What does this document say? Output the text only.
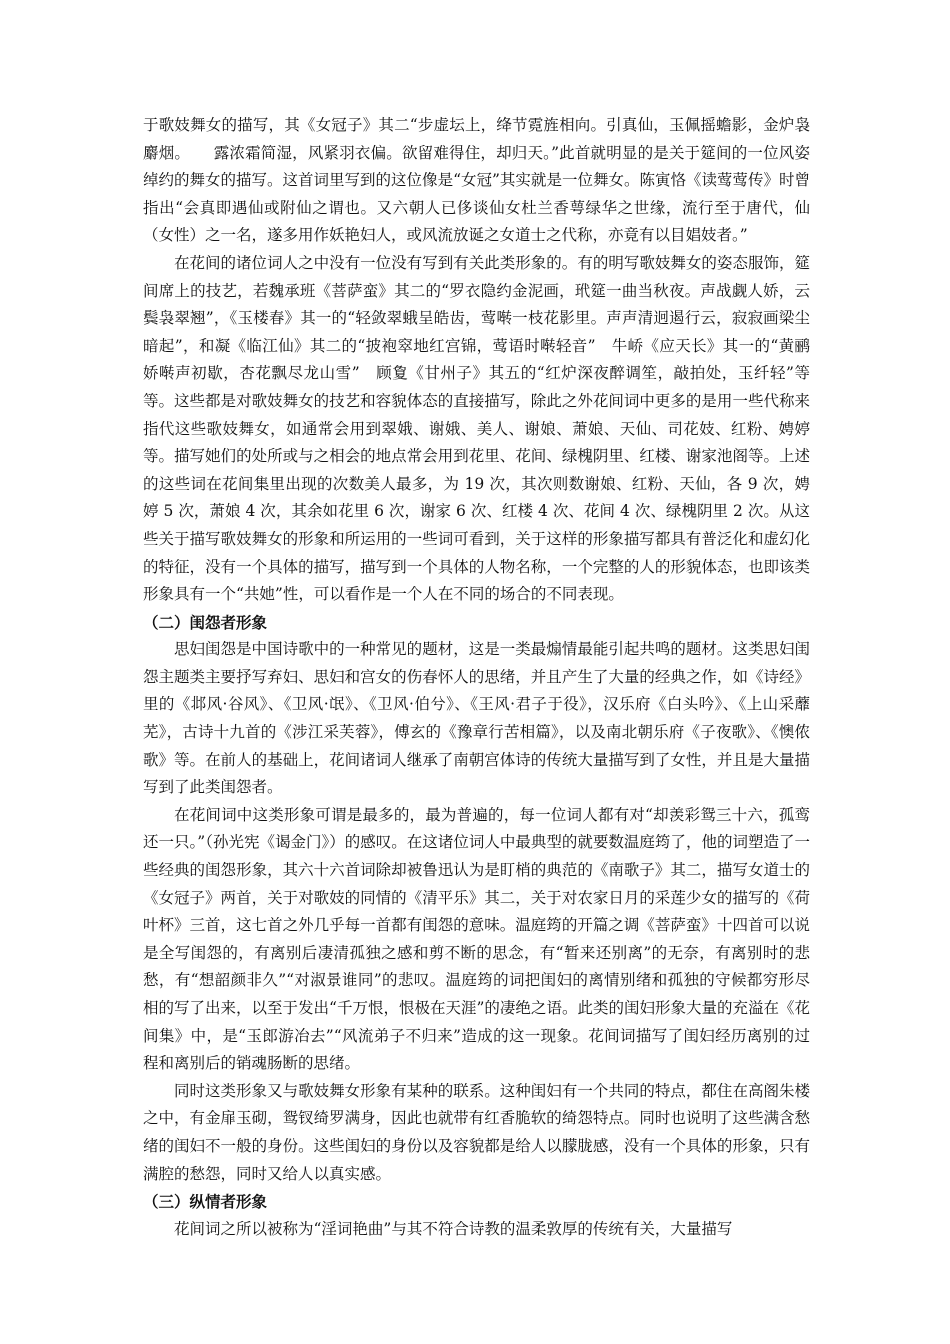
于歌妓舞女的描写，其《女冠子》其二“步虚坛上，绛节霓旌相向。引真仙，玉佩摇蟾影，金炉袅麝烟。　　露浓霜简湿，风紧羽衣偏。欲留难得住，却归天。”此首就明显的是关于筵间的一位风姿绰约的舞女的描写。这首词里写到的这位像是“女冠”其实就是一位舞女。陈寅恪《读莺莺传》时曾指出“会真即遇仙或附仙之谓也。又六朝人已侈谈仙女杜兰香萼绿华之世缘，流行至于唐代，仙（女性）之一名，遂多用作妖艳妇人，或风流放诞之女道士之代称，亦竟有以目娼妓者。”

在花间的诸位词人之中没有一位没有写到有关此类形象的。有的明写歌妓舞女的姿态服饰，筵间席上的技艺，若魏承班《菩萨蛮》其二的“罗衣隐约金泥画，玳筵一曲当秋夜。声战觑人娇，云鬓袅翠翘”，《玉楼春》其一的“轻敛翠蛾呈皓齿，莺啭一枝花影里。声声清迥遏行云，寂寂画梁尘暗起”，和凝《临江仙》其二的“披袍窣地红宫锦，莺语时啭轻音”　牛峤《应天长》其一的“黄鹂娇啭声初歇，杏花飘尽龙山雪”　顾夐《甘州子》其五的“红炉深夜醉调笙，敲拍处，玉纤轻”等等。这些都是对歌妓舞女的技艺和容貌体态的直接描写，除此之外花间词中更多的是用一些代称来指代这些歌妓舞女，如通常会用到翠娥、谢娥、美人、谢娘、萧娘、天仙、司花妓、红粉、娉婷等。描写她们的处所或与之相会的地点常会用到花里、花间、绿槐阴里、红楼、谢家池阁等。上述的这些词在花间集里出现的次数美人最多，为 19 次，其次则数谢娘、红粉、天仙，各 9 次，娉婷 5 次，萧娘 4 次，其余如花里 6 次，谢家 6 次、红楼 4 次、花间 4 次、绿槐阴里 2 次。从这些关于描写歌妓舞女的形象和所运用的一些词可看到，关于这样的形象描写都具有普泛化和虚幻化的特征，没有一个具体的描写，描写到一个具体的人物名称，一个完整的人的形貌体态，也即该类形象具有一个“共她”性，可以看作是一个人在不同的场合的不同表现。

（二）闺怨者形象

思妇闺怨是中国诗歌中的一种常见的题材，这是一类最煽情最能引起共鸣的题材。这类思妇闺怨主题类主要抒写弃妇、思妇和宫女的伤春怀人的思绪，并且产生了大量的经典之作，如《诗经》里的《邶风·谷风》、《卫风·氓》、《卫风·伯兮》、《王风·君子于役》，汉乐府《白头吟》、《上山采蘼芜》，古诗十九首的《涉江采芙蓉》，傅玄的《豫章行苦相篇》，以及南北朝乐府《子夜歌》、《懊侬歌》等。在前人的基础上，花间诸词人继承了南朝宫体诗的传统大量描写到了女性，并且是大量描写到了此类闺怨者。

在花间词中这类形象可谓是最多的，最为普遍的，每一位词人都有对“却羡彩鸳三十六，孤鸾还一只。”（孙光宪《谒金门》）的感叹。在这诸位词人中最典型的就要数温庭筠了，他的词塑造了一些经典的闺怨形象，其六十六首词除却被鲁迅认为是盯梢的典范的《南歌子》其二，描写女道士的《女冠子》两首，关于对歌妓的同情的《清平乐》其二，关于对农家日月的采莲少女的描写的《荷叶杯》三首，这七首之外几乎每一首都有闺怨的意味。温庭筠的开篇之调《菩萨蛮》十四首可以说是全写闺怨的，有离别后凄清孤独之感和剪不断的思念，有“暂来还别离”的无奈，有离别时的悲愁，有“想韶颜非久”“对淑景谁同”的悲叹。温庭筠的词把闺妇的离情别绪和孤独的守候都穷形尽相的写了出来，以至于发出“千万恨，恨极在天涯”的凄绝之语。此类的闺妇形象大量的充溢在《花间集》中，是“玉郎游冶去”“风流弟子不归来”造成的这一现象。花间词描写了闺妇经历离别的过程和离别后的销魂肠断的思绪。

同时这类形象又与歌妓舞女形象有某种的联系。这种闺妇有一个共同的特点，都住在高阁朱楼之中，有金扉玉砌，鸳钗绮罗满身，因此也就带有红香脆软的绮怨特点。同时也说明了这些满含愁绪的闺妇不一般的身份。这些闺妇的身份以及容貌都是给人以朦胧感，没有一个具体的形象，只有满腔的愁怨，同时又给人以真实感。

（三）纵情者形象

花间词之所以被称为“淫词艳曲”与其不符合诗教的温柔敦厚的传统有关，大量描写
